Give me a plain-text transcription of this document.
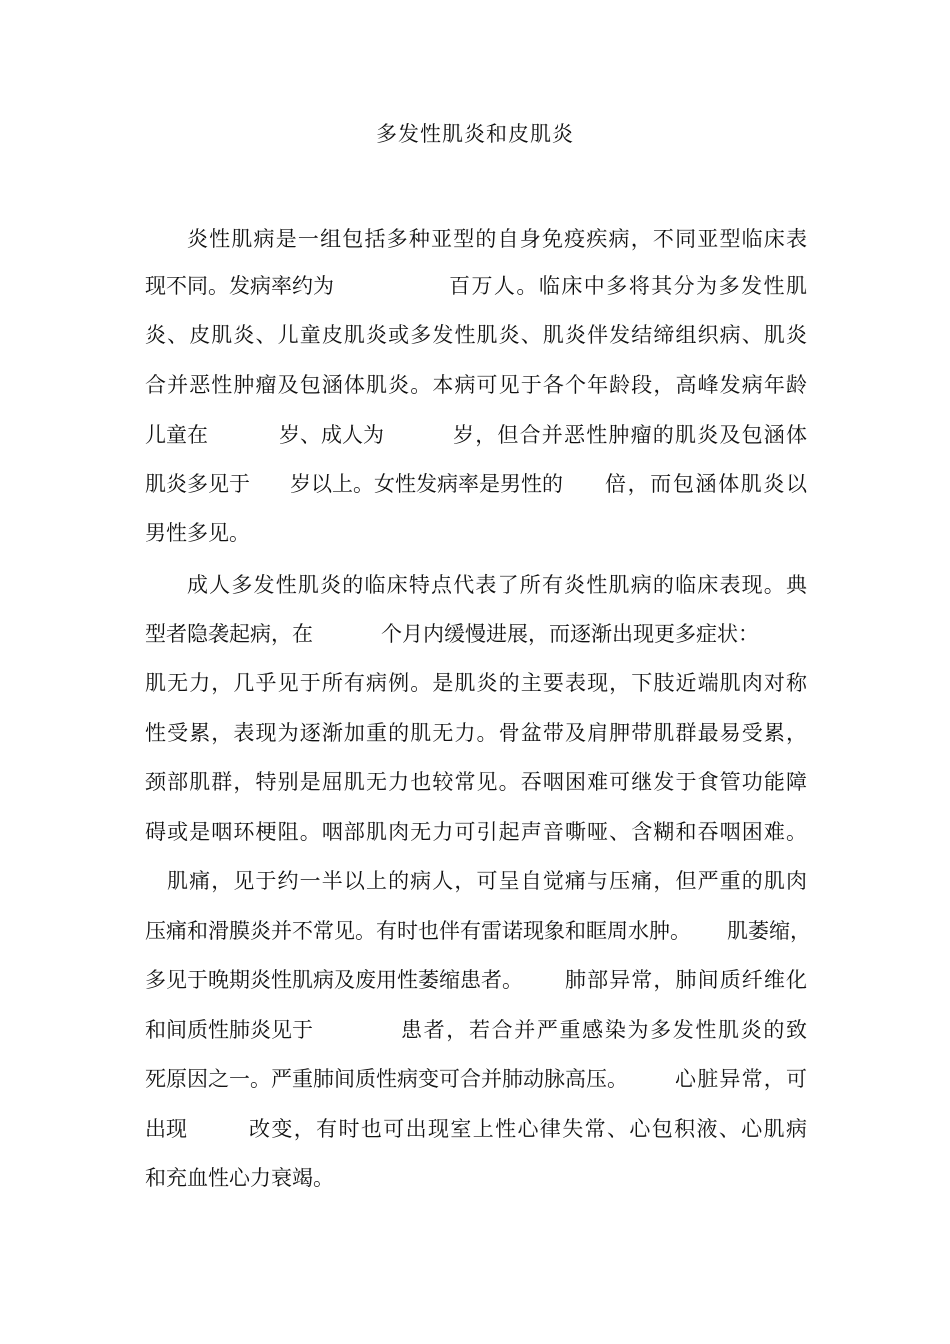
多发性肌炎和皮肌炎
炎性肌病是一组包括多种亚型的自身免疫疾病，不同亚型临床表
现不同。发病率约为	百万人。临床中多将其分为多发性肌
炎、皮肌炎、儿童皮肌炎或多发性肌炎、肌炎伴发结缔组织病、肌炎
合并恶性肿瘤及包涵体肌炎。本病可见于各个年龄段，高峰发病年龄
儿童在	岁、成人为	岁，但合并恶性肿瘤的肌炎及包涵体
肌炎多见于 岁以上。女性发病率是男性的 倍，而包涵体肌炎以
男性多见。
成人多发性肌炎的临床特点代表了所有炎性肌病的临床表现。典
型者隐袭起病，在	个月内缓慢进展，而逐渐出现更多症状：
肌无力，几乎见于所有病例。是肌炎的主要表现，下肢近端肌肉对称
性受累，表现为逐渐加重的肌无力。骨盆带及肩胛带肌群最易受累，
颈部肌群，特别是屈肌无力也较常见。吞咽困难可继发于食管功能障
碍或是咽环梗阻。咽部肌肉无力可引起声音嘶哑、含糊和吞咽困难。
肌痛，见于约一半以上的病人，可呈自觉痛与压痛，但严重的肌肉
压痛和滑膜炎并不常见。有时也伴有雷诺现象和眶周水肿。 肌萎缩，
多见于晚期炎性肌病及废用性萎缩患者。 肺部异常，肺间质纤维化
和间质性肺炎见于	患者，若合并严重感染为多发性肌炎的致
死原因之一。严重肺间质性病变可合并肺动脉高压。 心脏异常，可
出现	改变，有时也可出现室上性心律失常、心包积液、心肌病
和充血性心力衰竭。
